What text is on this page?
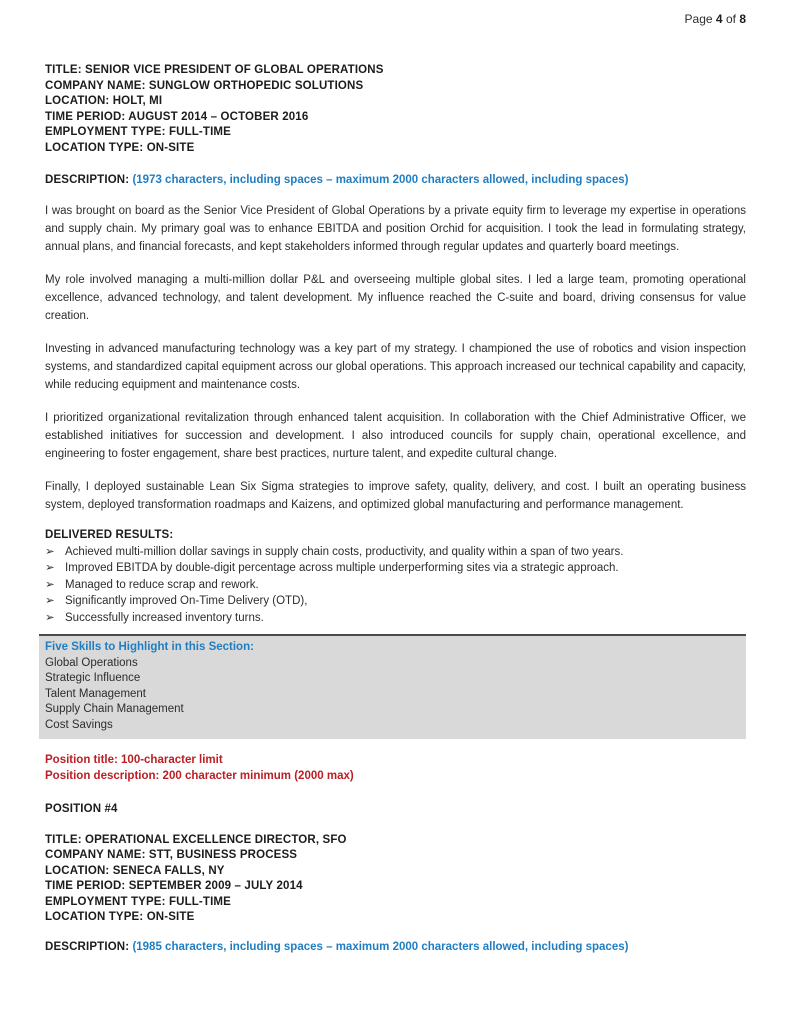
Page 4 of 8
TITLE: SENIOR VICE PRESIDENT OF GLOBAL OPERATIONS
COMPANY NAME: SUNGLOW ORTHOPEDIC SOLUTIONS
LOCATION: HOLT, MI
TIME PERIOD: AUGUST 2014 – OCTOBER 2016
EMPLOYMENT TYPE: FULL-TIME
LOCATION TYPE: ON-SITE
DESCRIPTION: (1973 characters, including spaces – maximum 2000 characters allowed, including spaces)

I was brought on board as the Senior Vice President of Global Operations by a private equity firm to leverage my expertise in operations and supply chain. My primary goal was to enhance EBITDA and position Orchid for acquisition. I took the lead in formulating strategy, annual plans, and financial forecasts, and kept stakeholders informed through regular updates and quarterly board meetings.

My role involved managing a multi-million dollar P&L and overseeing multiple global sites. I led a large team, promoting operational excellence, advanced technology, and talent development. My influence reached the C-suite and board, driving consensus for value creation.

Investing in advanced manufacturing technology was a key part of my strategy. I championed the use of robotics and vision inspection systems, and standardized capital equipment across our global operations. This approach increased our technical capability and capacity, while reducing equipment and maintenance costs.

I prioritized organizational revitalization through enhanced talent acquisition. In collaboration with the Chief Administrative Officer, we established initiatives for succession and development. I also introduced councils for supply chain, operational excellence, and engineering to foster engagement, share best practices, nurture talent, and expedite cultural change.

Finally, I deployed sustainable Lean Six Sigma strategies to improve safety, quality, delivery, and cost. I built an operating business system, deployed transformation roadmaps and Kaizens, and optimized global manufacturing and performance management.

DELIVERED RESULTS:
➢ Achieved multi-million dollar savings in supply chain costs, productivity, and quality within a span of two years.
➢ Improved EBITDA by double-digit percentage across multiple underperforming sites via a strategic approach.
➢ Managed to reduce scrap and rework.
➢ Significantly improved On-Time Delivery (OTD),
➢ Successfully increased inventory turns.
Five Skills to Highlight in this Section:
Global Operations
Strategic Influence
Talent Management
Supply Chain Management
Cost Savings
Position title: 100-character limit
Position description: 200 character minimum (2000 max)
POSITION #4
TITLE: OPERATIONAL EXCELLENCE DIRECTOR, SFO
COMPANY NAME: STT, BUSINESS PROCESS
LOCATION: SENECA FALLS, NY
TIME PERIOD: SEPTEMBER 2009 – JULY 2014
EMPLOYMENT TYPE: FULL-TIME
LOCATION TYPE: ON-SITE
DESCRIPTION: (1985 characters, including spaces – maximum 2000 characters allowed, including spaces)
